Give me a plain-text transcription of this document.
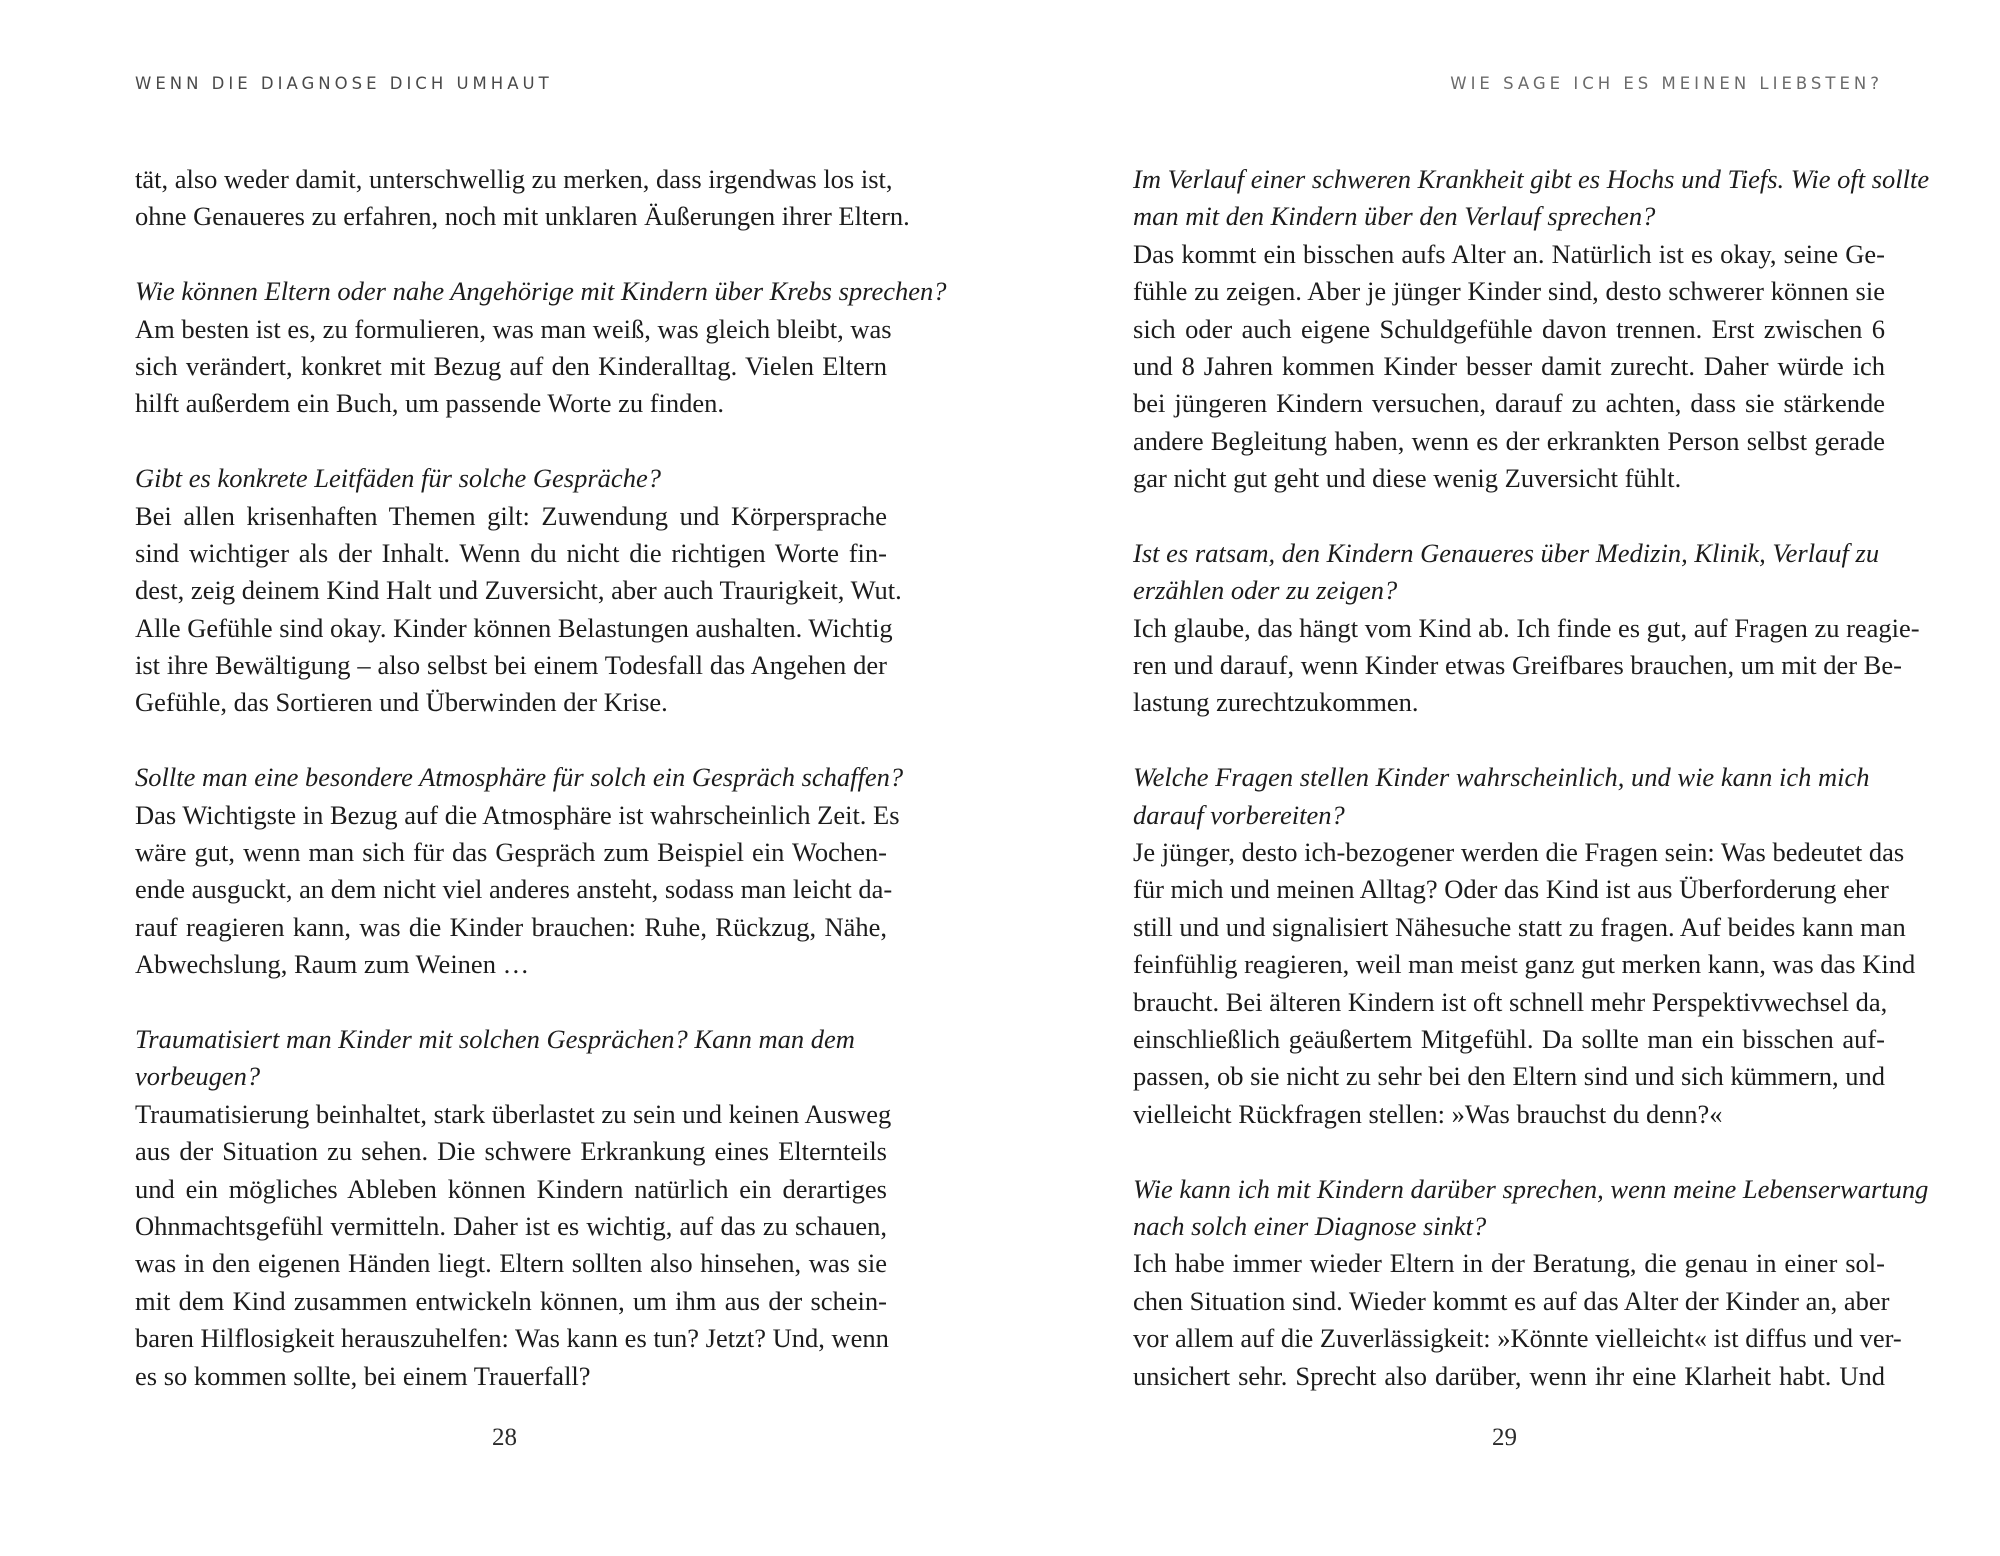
WENN DIE DIAGNOSE DICH UMHAUT
tät, also weder damit, unterschwellig zu merken, dass irgendwas los ist,
ohne Genaueres zu erfahren, noch mit unklaren Äußerungen ihrer Eltern.
Wie können Eltern oder nahe Angehörige mit Kindern über Krebs sprechen?
Am besten ist es, zu formulieren, was man weiß, was gleich bleibt, was
sich verändert, konkret mit Bezug auf den Kinderalltag. Vielen Eltern
hilft außerdem ein Buch, um passende Worte zu finden.
Gibt es konkrete Leitfäden für solche Gespräche?
Bei allen krisenhaften Themen gilt: Zuwendung und Körpersprache
sind wichtiger als der Inhalt. Wenn du nicht die richtigen Worte fin-
dest, zeig deinem Kind Halt und Zuversicht, aber auch Traurigkeit, Wut.
Alle Gefühle sind okay. Kinder können Belastungen aushalten. Wichtig
ist ihre Bewältigung – also selbst bei einem Todesfall das Angehen der
Gefühle, das Sortieren und Überwinden der Krise.
Sollte man eine besondere Atmosphäre für solch ein Gespräch schaffen?
Das Wichtigste in Bezug auf die Atmosphäre ist wahrscheinlich Zeit. Es
wäre gut, wenn man sich für das Gespräch zum Beispiel ein Wochen-
ende ausguckt, an dem nicht viel anderes ansteht, sodass man leicht da-
rauf reagieren kann, was die Kinder brauchen: Ruhe, Rückzug, Nähe,
Abwechslung, Raum zum Weinen …
Traumatisiert man Kinder mit solchen Gesprächen? Kann man dem
vorbeugen?
Traumatisierung beinhaltet, stark überlastet zu sein und keinen Ausweg
aus der Situation zu sehen. Die schwere Erkrankung eines Elternteils
und ein mögliches Ableben können Kindern natürlich ein derartiges
Ohnmachtsgefühl vermitteln. Daher ist es wichtig, auf das zu schauen,
was in den eigenen Händen liegt. Eltern sollten also hinsehen, was sie
mit dem Kind zusammen entwickeln können, um ihm aus der schein-
baren Hilflosigkeit herauszuhelfen: Was kann es tun? Jetzt? Und, wenn
es so kommen sollte, bei einem Trauerfall?
28
WIE SAGE ICH ES MEINEN LIEBSTEN?
Im Verlauf einer schweren Krankheit gibt es Hochs und Tiefs. Wie oft sollte
man mit den Kindern über den Verlauf sprechen?
Das kommt ein bisschen aufs Alter an. Natürlich ist es okay, seine Ge-
fühle zu zeigen. Aber je jünger Kinder sind, desto schwerer können sie
sich oder auch eigene Schuldgefühle davon trennen. Erst zwischen 6
und 8 Jahren kommen Kinder besser damit zurecht. Daher würde ich
bei jüngeren Kindern versuchen, darauf zu achten, dass sie stärkende
andere Begleitung haben, wenn es der erkrankten Person selbst gerade
gar nicht gut geht und diese wenig Zuversicht fühlt.
Ist es ratsam, den Kindern Genaueres über Medizin, Klinik, Verlauf zu
erzählen oder zu zeigen?
Ich glaube, das hängt vom Kind ab. Ich finde es gut, auf Fragen zu reagie-
ren und darauf, wenn Kinder etwas Greifbares brauchen, um mit der Be-
lastung zurechtzukommen.
Welche Fragen stellen Kinder wahrscheinlich, und wie kann ich mich
darauf vorbereiten?
Je jünger, desto ich-bezogener werden die Fragen sein: Was bedeutet das
für mich und meinen Alltag? Oder das Kind ist aus Überforderung eher
still und und signalisiert Nähesuche statt zu fragen. Auf beides kann man
feinfühlig reagieren, weil man meist ganz gut merken kann, was das Kind
braucht. Bei älteren Kindern ist oft schnell mehr Perspektivwechsel da,
einschließlich geäußertem Mitgefühl. Da sollte man ein bisschen auf-
passen, ob sie nicht zu sehr bei den Eltern sind und sich kümmern, und
vielleicht Rückfragen stellen: »Was brauchst du denn?«
Wie kann ich mit Kindern darüber sprechen, wenn meine Lebenserwartung
nach solch einer Diagnose sinkt?
Ich habe immer wieder Eltern in der Beratung, die genau in einer sol-
chen Situation sind. Wieder kommt es auf das Alter der Kinder an, aber
vor allem auf die Zuverlässigkeit: »Könnte vielleicht« ist diffus und ver-
unsichert sehr. Sprecht also darüber, wenn ihr eine Klarheit habt. Und
29
